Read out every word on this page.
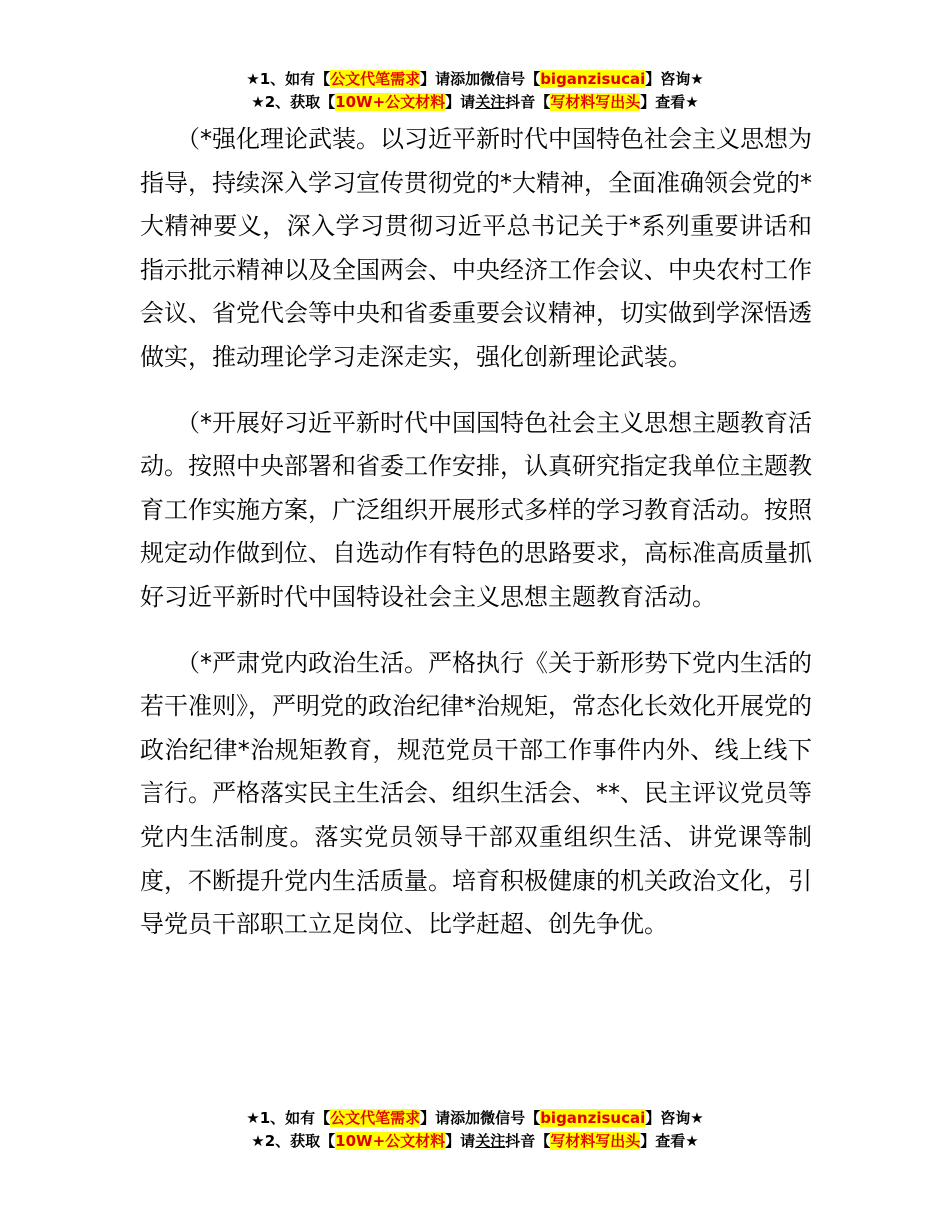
★1、如有【公文代笔需求】请添加微信号【biganzisucai】咨询★
★2、获取【10W+公文材料】请关注抖音【写材料写出头】查看★

（*强化理论武装。以习近平新时代中国特色社会主义思想为指导，持续深入学习宣传贯彻党的*大精神，全面准确领会党的*大精神要义，深入学习贯彻习近平总书记关于*系列重要讲话和指示批示精神以及全国两会、中央经济工作会议、中央农村工作会议、省党代会等中央和省委重要会议精神，切实做到学深悟透做实，推动理论学习走深走实，强化创新理论武装。

（*开展好习近平新时代中国国特色社会主义思想主题教育活动。按照中央部署和省委工作安排，认真研究指定我单位主题教育工作实施方案，广泛组织开展形式多样的学习教育活动。按照规定动作做到位、自选动作有特色的思路要求，高标准高质量抓好习近平新时代中国特设社会主义思想主题教育活动。

（*严肃党内政治生活。严格执行《关于新形势下党内生活的若干准则》，严明党的政治纪律*治规矩，常态化长效化开展党的政治纪律*治规矩教育，规范党员干部工作事件内外、线上线下言行。严格落实民主生活会、组织生活会、**、民主评议党员等党内生活制度。落实党员领导干部双重组织生活、讲党课等制度，不断提升党内生活质量。培育积极健康的机关政治文化，引导党员干部职工立足岗位、比学赶超、创先争优。

★1、如有【公文代笔需求】请添加微信号【biganzisucai】咨询★
★2、获取【10W+公文材料】请关注抖音【写材料写出头】查看★
